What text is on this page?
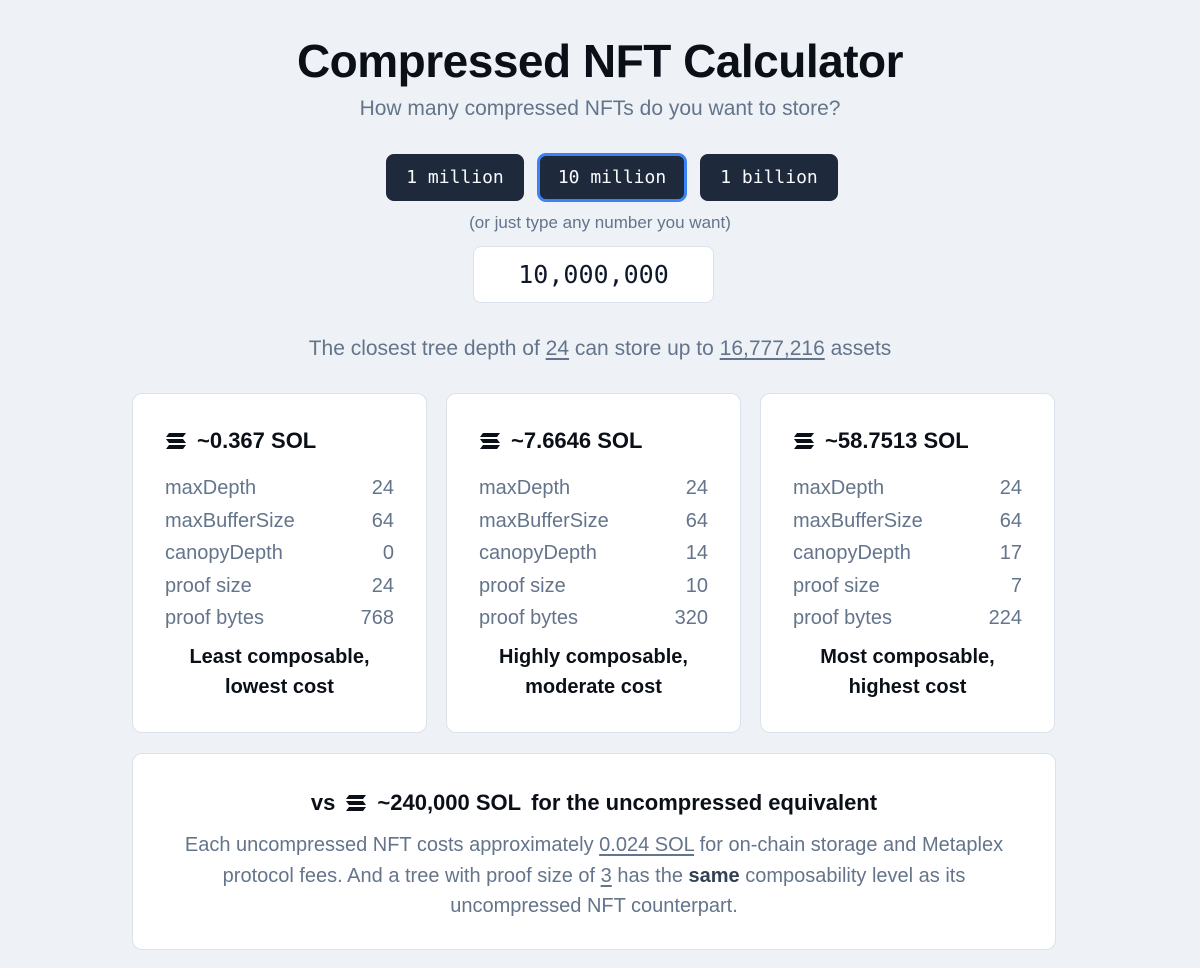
Compressed NFT Calculator
How many compressed NFTs do you want to store?
1 million	10 million	1 billion
(or just type any number you want)
10,000,000
The closest tree depth of 24 can store up to 16,777,216 assets
~0.367 SOL
maxDepth	24
maxBufferSize	64
canopyDepth	0
proof size	24
proof bytes	768
Least composable,
lowest cost
~7.6646 SOL
maxDepth	24
maxBufferSize	64
canopyDepth	14
proof size	10
proof bytes	320
Highly composable,
moderate cost
~58.7513 SOL
maxDepth	24
maxBufferSize	64
canopyDepth	17
proof size	7
proof bytes	224
Most composable,
highest cost
vs ~240,000 SOL for the uncompressed equivalent
Each uncompressed NFT costs approximately 0.024 SOL for on-chain storage and Metaplex protocol fees. And a tree with proof size of 3 has the same composability level as its uncompressed NFT counterpart.
